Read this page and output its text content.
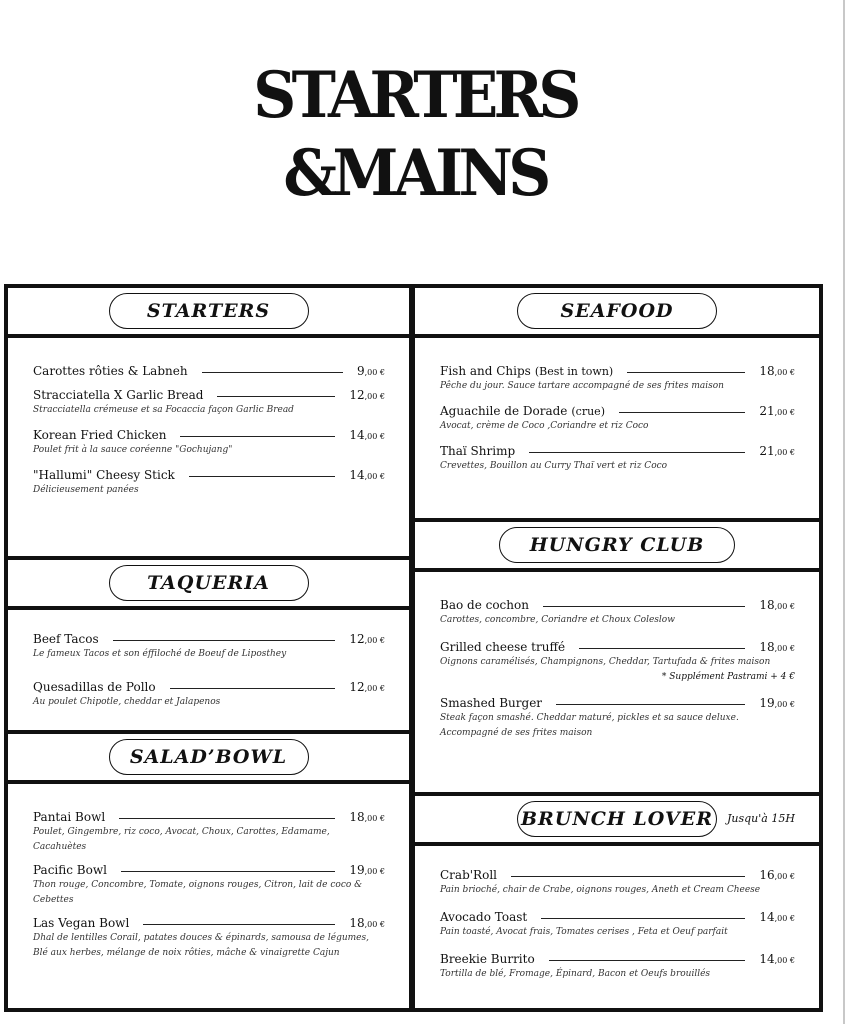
STARTERS
&MAINS
STARTERS
Carottes rôties & Labneh	9,00 €
Stracciatella X Garlic Bread	12,00 €
Stracciatella crémeuse et sa Focaccia façon Garlic Bread
Korean Fried Chicken	14,00 €
Poulet frit à la sauce coréenne "Gochujang"
"Hallumi" Cheesy Stick	14,00 €
Délicieusement panées
TAQUERIA
Beef Tacos	12,00 €
Le fameux Tacos et son éffiloché de Boeuf de Liposthey
Quesadillas de Pollo	12,00 €
Au poulet Chipotle, cheddar et Jalapenos
SALAD’BOWL
Pantai Bowl	18,00 €
Poulet, Gingembre, riz coco, Avocat, Choux, Carottes, Edamame, Cacahuètes
Pacific Bowl	19,00 €
Thon rouge, Concombre, Tomate, oignons rouges, Citron, lait de coco & Cebettes
Las Vegan Bowl	18,00 €
Dhal de lentilles Corail, patates douces & épinards, samousa de légumes, Blé aux herbes, mélange de noix rôties, mâche & vinaigrette Cajun
SEAFOOD
Fish and Chips (Best in town)	18,00 €
Pêche du jour. Sauce tartare accompagné de ses frites maison
Aguachile de Dorade (crue)	21,00 €
Avocat, crème de Coco ,Coriandre et riz Coco
Thaï Shrimp	21,00 €
Crevettes, Bouillon au Curry Thaï vert et riz Coco
HUNGRY CLUB
Bao de cochon	18,00 €
Carottes, concombre, Coriandre et Choux Coleslow
Grilled cheese truffé	18,00 €
Oignons caramélisés, Champignons, Cheddar, Tartufada & frites maison
* Supplément Pastrami + 4 €
Smashed Burger	19,00 €
Steak façon smashé. Cheddar maturé, pickles et sa sauce deluxe. Accompagné de ses frites maison
BRUNCH LOVER	Jusqu'à 15H
Crab'Roll	16,00 €
Pain brioché, chair de Crabe, oignons rouges, Aneth et Cream Cheese
Avocado Toast	14,00 €
Pain toasté, Avocat frais, Tomates cerises , Feta et Oeuf parfait
Breekie Burrito	14,00 €
Tortilla de blé, Fromage, Épinard, Bacon et Oeufs brouillés
